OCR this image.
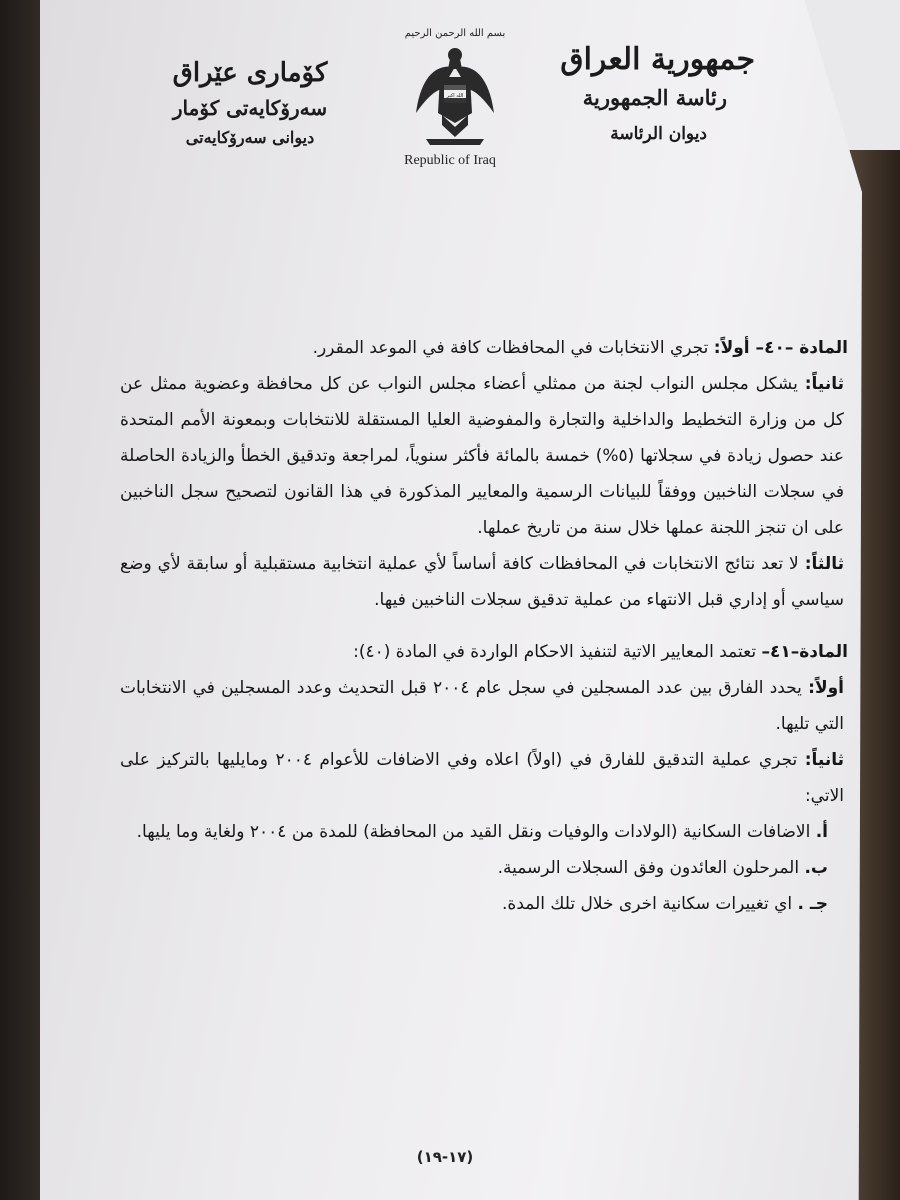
جمهورية العراق
رئاسة الجمهورية
ديوان الرئاسة
بسم الله الرحمن الرحيم
الله اكبر
Republic of Iraq
کۆماری عێراق
سەرۆکایەتی کۆمار
دیوانی سەرۆکایەتی

المادة –٤٠– أولاً: تجري الانتخابات في المحافظات كافة في الموعد المقرر.

ثانياً: يشكل مجلس النواب لجنة من ممثلي أعضاء مجلس النواب عن كل محافظة وعضوية ممثل عن كل من وزارة التخطيط والداخلية والتجارة والمفوضية العليا المستقلة للانتخابات وبمعونة الأمم المتحدة عند حصول زيادة في سجلاتها (٥%) خمسة بالمائة فأكثر سنوياً، لمراجعة وتدقيق الخطأ والزيادة الحاصلة في سجلات الناخبين ووفقاً للبيانات الرسمية والمعايير المذكورة في هذا القانون لتصحيح سجل الناخبين على ان تنجز اللجنة عملها خلال سنة من تاريخ عملها.

ثالثاً: لا تعد نتائج الانتخابات في المحافظات كافة أساساً لأي عملية انتخابية مستقبلية أو سابقة لأي وضع سياسي أو إداري قبل الانتهاء من عملية تدقيق سجلات الناخبين فيها.

المادة–٤١– تعتمد المعايير الاتية لتنفيذ الاحكام الواردة في المادة (٤٠):

أولاً: يحدد الفارق بين عدد المسجلين في سجل عام ٢٠٠٤ قبل التحديث وعدد المسجلين في الانتخابات التي تليها.

ثانياً: تجري عملية التدقيق للفارق في (اولاً) اعلاه وفي الاضافات للأعوام ٢٠٠٤ ومايليها بالتركيز على الاتي:

أ. الاضافات السكانية (الولادات والوفيات ونقل القيد من المحافظة) للمدة من ٢٠٠٤ ولغاية وما يليها.

ب. المرحلون العائدون وفق السجلات الرسمية.

جـ . اي تغييرات سكانية اخرى خلال تلك المدة.

(١٧-١٩)
